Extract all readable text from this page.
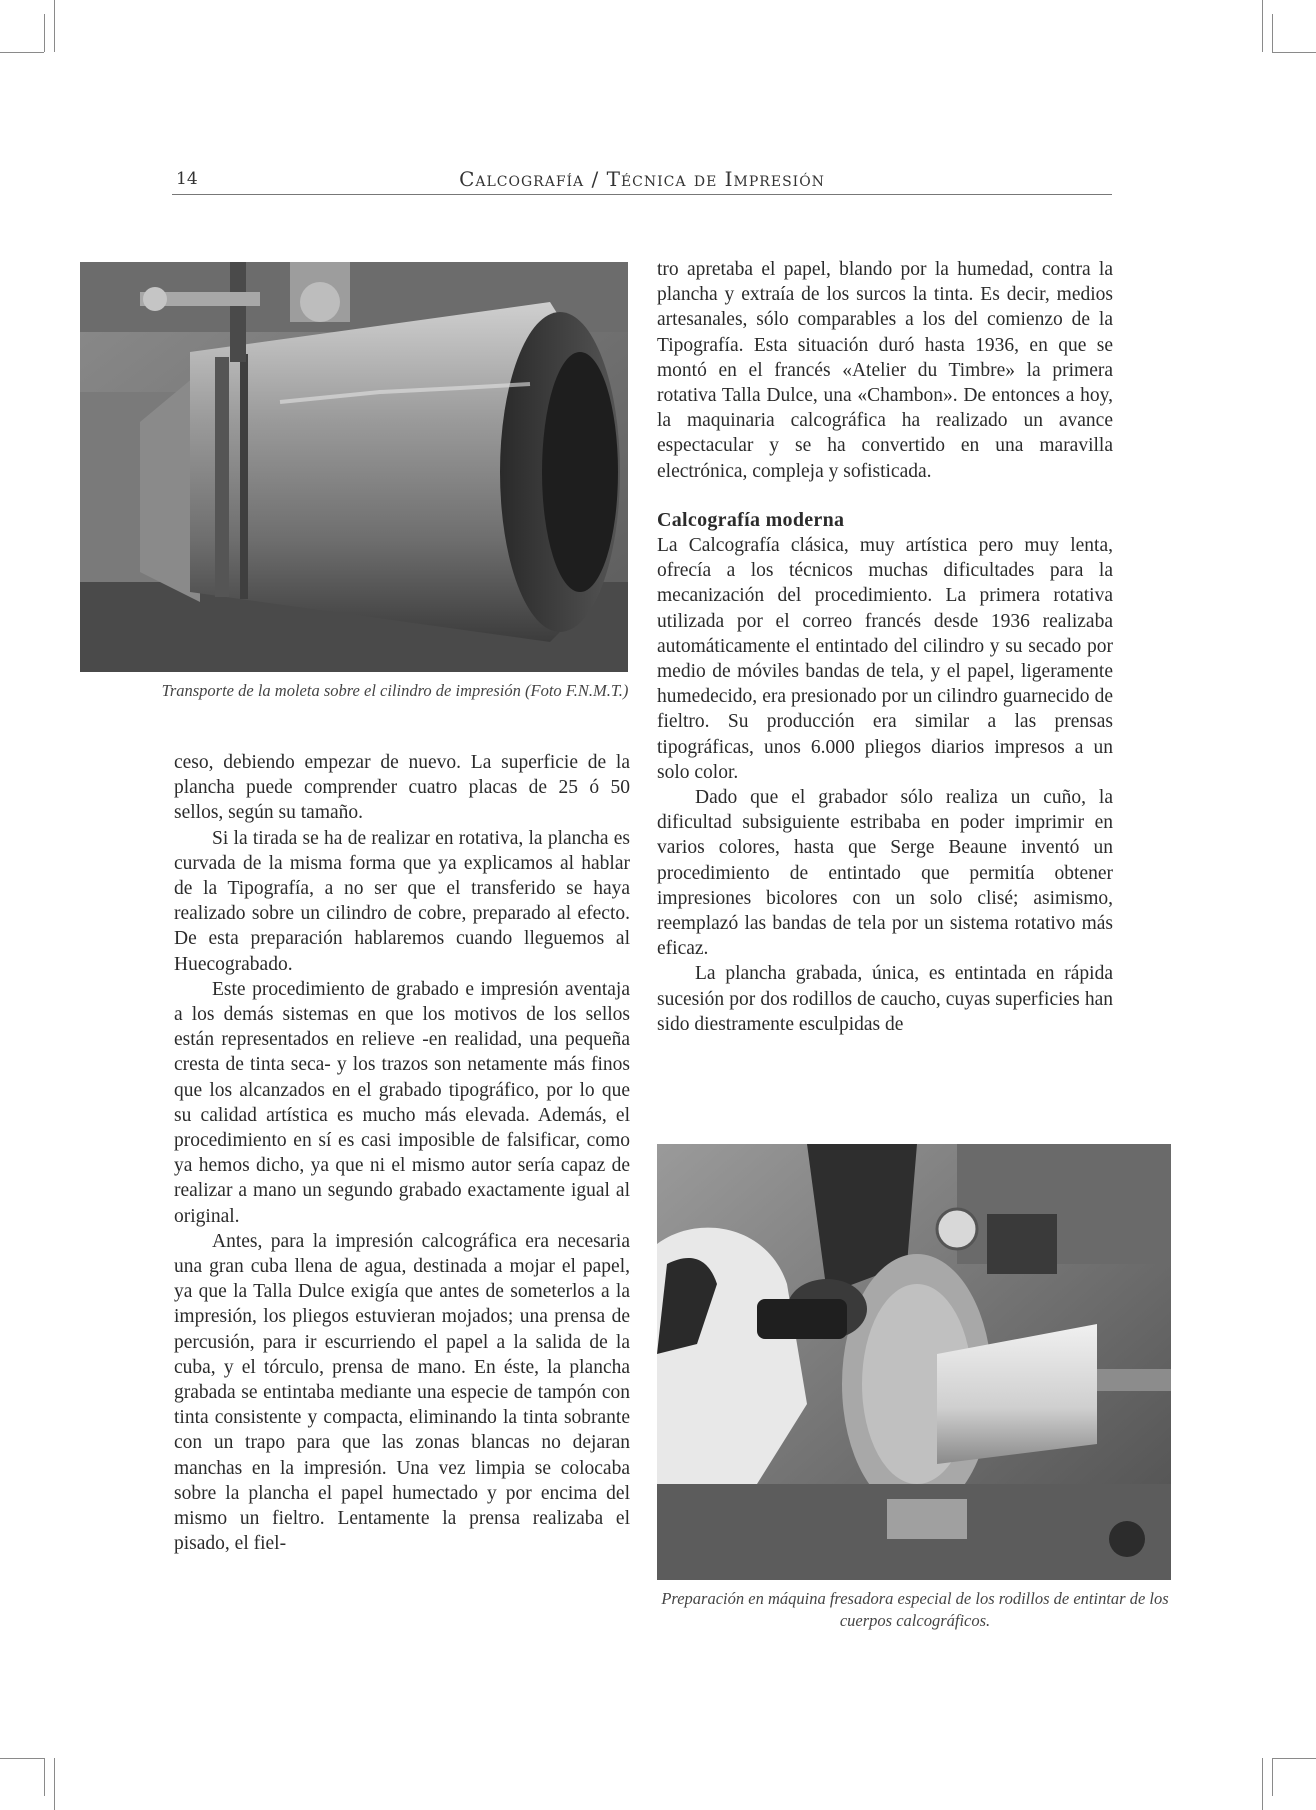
14	Calcografía / Técnica de Impresión
Transporte de la moleta sobre el cilindro de impresión (Foto F.N.M.T.)

ceso, debiendo empezar de nuevo. La superficie de la plancha puede comprender cuatro placas de 25 ó 50 sellos, según su tamaño.

Si la tirada se ha de realizar en rotativa, la plancha es curvada de la misma forma que ya explicamos al hablar de la Tipografía, a no ser que el transferido se haya realizado sobre un cilindro de cobre, preparado al efecto. De esta preparación hablaremos cuando lleguemos al Huecograbado.

Este procedimiento de grabado e impresión aventaja a los demás sistemas en que los motivos de los sellos están representados en relieve -en realidad, una pequeña cresta de tinta seca- y los trazos son netamente más finos que los alcanzados en el grabado tipográfico, por lo que su calidad artística es mucho más elevada. Además, el procedimiento en sí es casi imposible de falsificar, como ya hemos dicho, ya que ni el mismo autor sería capaz de realizar a mano un segundo grabado exactamente igual al original.

Antes, para la impresión calcográfica era necesaria una gran cuba llena de agua, destinada a mojar el papel, ya que la Talla Dulce exigía que antes de someterlos a la impresión, los pliegos estuvieran mojados; una prensa de percusión, para ir escurriendo el papel a la salida de la cuba, y el tórculo, prensa de mano. En éste, la plancha grabada se entintaba mediante una especie de tampón con tinta consistente y compacta, eliminando la tinta sobrante con un trapo para que las zonas blancas no dejaran manchas en la impresión. Una vez limpia se colocaba sobre la plancha el papel humectado y por encima del mismo un fieltro. Lentamente la prensa realizaba el pisado, el fiel-

tro apretaba el papel, blando por la humedad, contra la plancha y extraía de los surcos la tinta. Es decir, medios artesanales, sólo comparables a los del comienzo de la Tipografía. Esta situación duró hasta 1936, en que se montó en el francés «Atelier du Timbre» la primera rotativa Talla Dulce, una «Chambon». De entonces a hoy, la maquinaria calcográfica ha realizado un avance espectacular y se ha convertido en una maravilla electrónica, compleja y sofisticada.

Calcografía moderna

La Calcografía clásica, muy artística pero muy lenta, ofrecía a los técnicos muchas dificultades para la mecanización del procedimiento. La primera rotativa utilizada por el correo francés desde 1936 realizaba automáticamente el entintado del cilindro y su secado por medio de móviles bandas de tela, y el papel, ligeramente humedecido, era presionado por un cilindro guarnecido de fieltro. Su producción era similar a las prensas tipográficas, unos 6.000 pliegos diarios impresos a un solo color.

Dado que el grabador sólo realiza un cuño, la dificultad subsiguiente estribaba en poder imprimir en varios colores, hasta que Serge Beaune inventó un procedimiento de entintado que permitía obtener impresiones bicolores con un solo clisé; asimismo, reemplazó las bandas de tela por un sistema rotativo más eficaz.

La plancha grabada, única, es entintada en rápida sucesión por dos rodillos de caucho, cuyas superficies han sido diestramente esculpidas de

Preparación en máquina fresadora especial de los rodillos de entintar de los cuerpos calcográficos.
